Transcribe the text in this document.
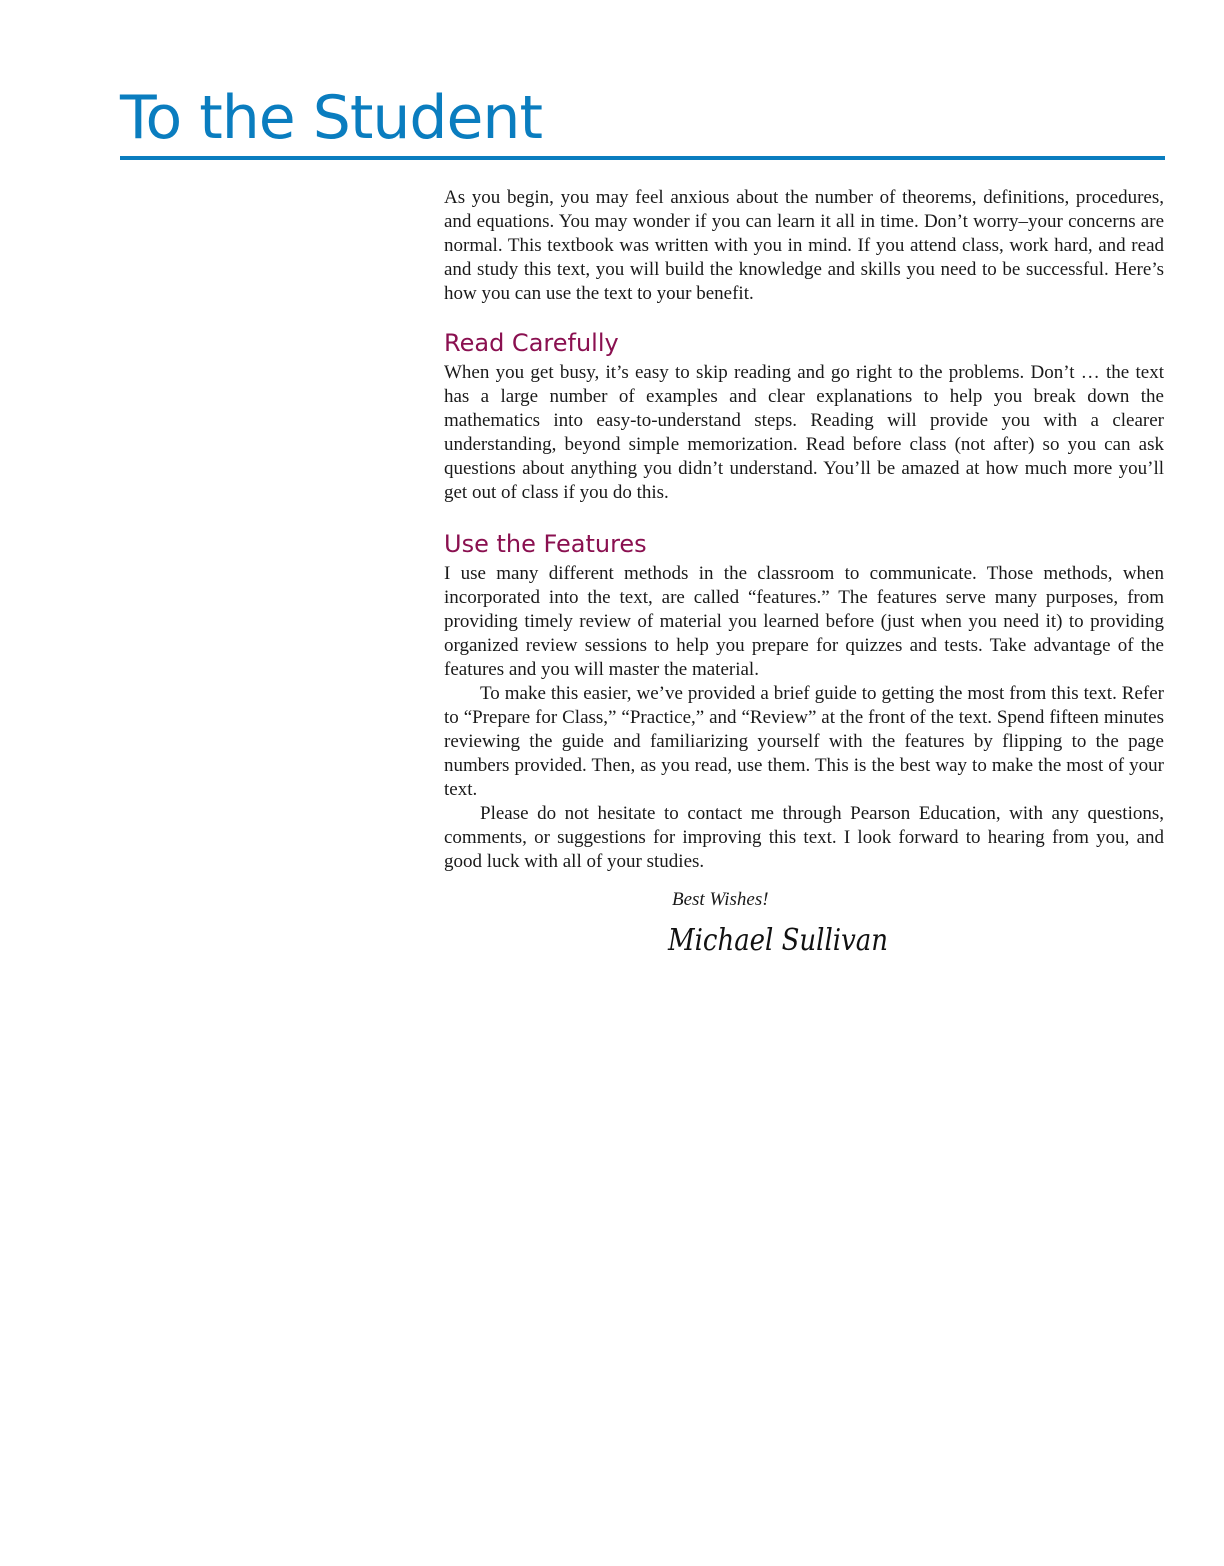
To the Student

As you begin, you may feel anxious about the number of theorems, definitions, procedures, and equations. You may wonder if you can learn it all in time. Don’t worry–your concerns are normal. This textbook was written with you in mind. If you attend class, work hard, and read and study this text, you will build the knowledge and skills you need to be successful. Here’s how you can use the text to your benefit.

Read Carefully

When you get busy, it’s easy to skip reading and go right to the problems. Don’t … the text has a large number of examples and clear explanations to help you break down the mathematics into easy-to-understand steps. Reading will provide you with a clearer understanding, beyond simple memorization. Read before class (not after) so you can ask questions about anything you didn’t understand. You’ll be amazed at how much more you’ll get out of class if you do this.

Use the Features

I use many different methods in the classroom to communicate. Those methods, when incorporated into the text, are called “features.” The features serve many purposes, from providing timely review of material you learned before (just when you need it) to providing organized review sessions to help you prepare for quizzes and tests. Take advantage of the features and you will master the material.

To make this easier, we’ve provided a brief guide to getting the most from this text. Refer to “Prepare for Class,” “Practice,” and “Review” at the front of the text. Spend fifteen minutes reviewing the guide and familiarizing yourself with the features by flipping to the page numbers provided. Then, as you read, use them. This is the best way to make the most of your text.

Please do not hesitate to contact me through Pearson Education, with any questions, comments, or suggestions for improving this text. I look forward to hearing from you, and good luck with all of your studies.

Best Wishes!
Michael Sullivan
